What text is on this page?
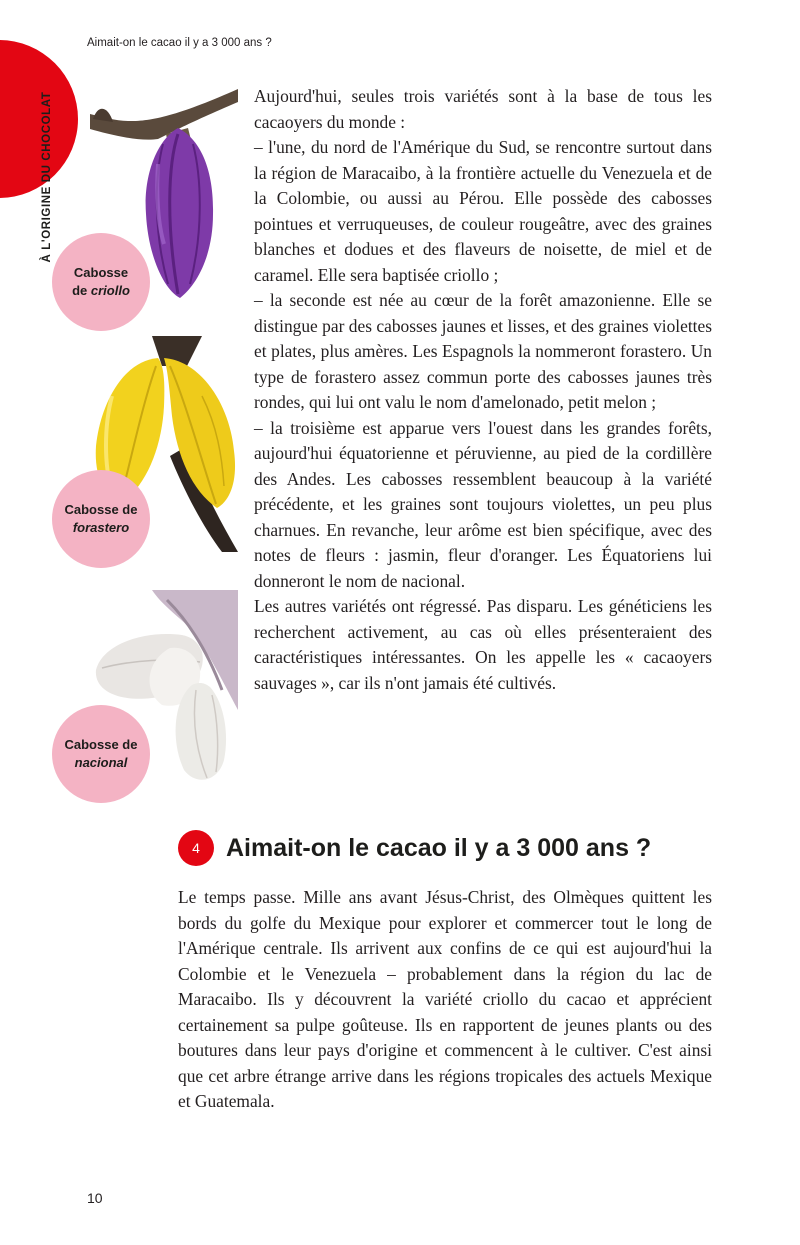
À L'ORIGINE DU CHOCOLAT
Aimait-on le cacao il y a 3 000 ans ?
Cabosse
de criollo
Cabosse de
forastero
Cabosse de
nacional

Aujourd'hui, seules trois variétés sont à la base de tous les cacaoyers du monde :

– l'une, du nord de l'Amérique du Sud, se rencontre surtout dans la région de Maracaibo, à la frontière actuelle du Venezuela et de la Colombie, ou aussi au Pérou. Elle possède des cabosses pointues et verruqueuses, de couleur rougeâtre, avec des graines blanches et dodues et des flaveurs de noisette, de miel et de caramel. Elle sera baptisée criollo ;

– la seconde est née au cœur de la forêt amazonienne. Elle se distingue par des cabosses jaunes et lisses, et des graines violettes et plates, plus amères. Les Espagnols la nommeront forastero. Un type de forastero assez commun porte des cabosses jaunes très rondes, qui lui ont valu le nom d'amelonado, petit melon ;

– la troisième est apparue vers l'ouest dans les grandes forêts, aujourd'hui équatorienne et péruvienne, au pied de la cordillère des Andes. Les cabosses ressemblent beaucoup à la variété précédente, et les graines sont toujours violettes, un peu plus charnues. En revanche, leur arôme est bien spécifique, avec des notes de fleurs : jasmin, fleur d'oranger. Les Équatoriens lui donneront le nom de nacional.

Les autres variétés ont régressé. Pas disparu. Les généticiens les recherchent activement, au cas où elles présenteraient des caractéristiques intéressantes. On les appelle les « cacaoyers sauvages », car ils n'ont jamais été cultivés.

4	Aimait-on le cacao il y a 3 000 ans ?

Le temps passe. Mille ans avant Jésus-Christ, des Olmèques quittent les bords du golfe du Mexique pour explorer et commercer tout le long de l'Amérique centrale. Ils arrivent aux confins de ce qui est aujourd'hui la Colombie et le Venezuela – probablement dans la région du lac de Maracaibo. Ils y découvrent la variété criollo du cacao et apprécient certainement sa pulpe goûteuse. Ils en rapportent de jeunes plants ou des boutures dans leur pays d'origine et commencent à le cultiver. C'est ainsi que cet arbre étrange arrive dans les régions tropicales des actuels Mexique et Guatemala.

10
